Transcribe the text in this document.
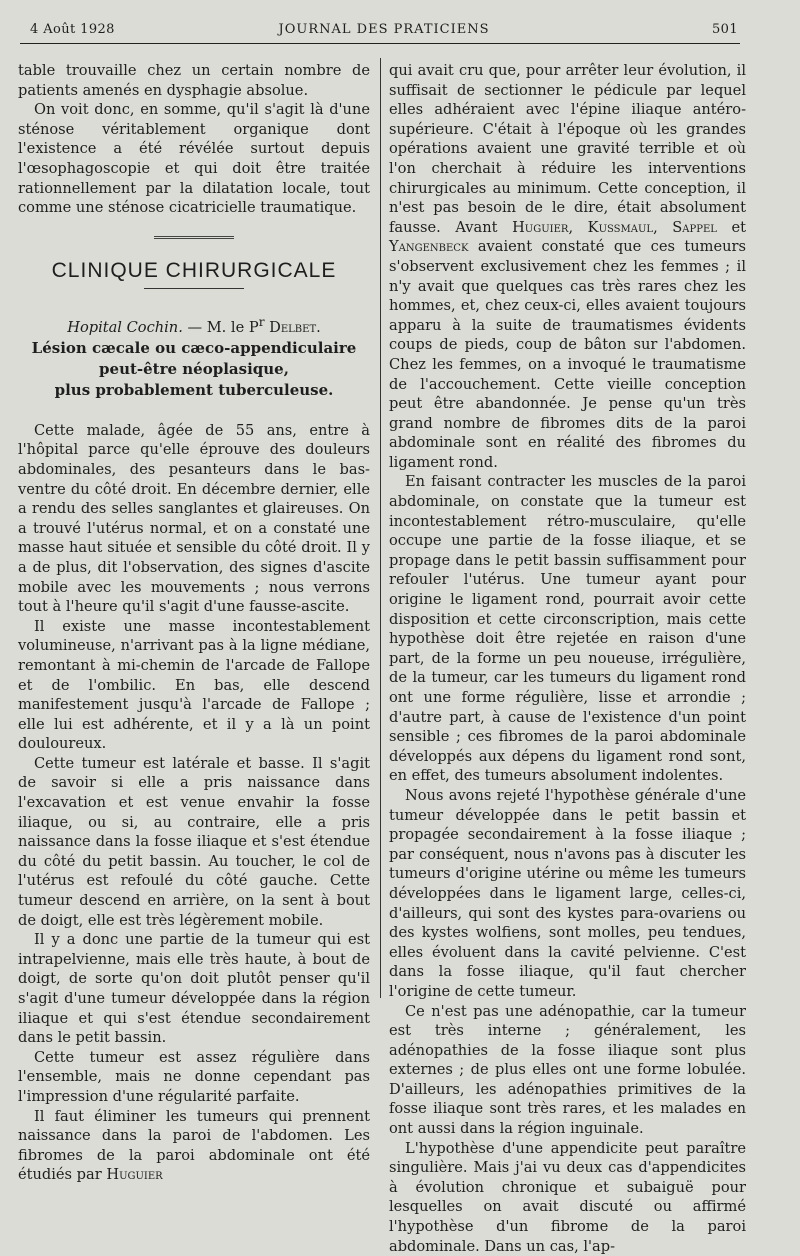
4 Août 1928	JOURNAL DES PRATICIENS	501

table trouvaille chez un certain nombre de patients amenés en dysphagie absolue.

On voit donc, en somme, qu'il s'agit là d'une sténose véritablement organique dont l'existence a été révélée surtout depuis l'œsophagoscopie et qui doit être traitée rationnellement par la dilatation locale, tout comme une sténose cicatricielle traumatique.

CLINIQUE CHIRURGICALE

Hopital Cochin. — M. le $P^r$ Delbet.

Lésion cæcale ou cæco-appendiculaire
peut-être néoplasique,
plus probablement tuberculeuse.

Cette malade, âgée de 55 ans, entre à l'hôpital parce qu'elle éprouve des douleurs abdominales, des pesanteurs dans le bas-ventre du côté droit. En décembre dernier, elle a rendu des selles sanglantes et glaireuses. On a trouvé l'utérus normal, et on a constaté une masse haut située et sensible du côté droit. Il y a de plus, dit l'observation, des signes d'ascite mobile avec les mouvements ; nous verrons tout à l'heure qu'il s'agit d'une fausse-ascite.

Il existe une masse incontestablement volumineuse, n'arrivant pas à la ligne médiane, remontant à mi-chemin de l'arcade de Fallope et de l'ombilic. En bas, elle descend manifestement jusqu'à l'arcade de Fallope ; elle lui est adhérente, et il y a là un point douloureux.

Cette tumeur est latérale et basse. Il s'agit de savoir si elle a pris naissance dans l'excavation et est venue envahir la fosse iliaque, ou si, au contraire, elle a pris naissance dans la fosse iliaque et s'est étendue du côté du petit bassin. Au toucher, le col de l'utérus est refoulé du côté gauche. Cette tumeur descend en arrière, on la sent à bout de doigt, elle est très légèrement mobile.

Il y a donc une partie de la tumeur qui est intrapelvienne, mais elle très haute, à bout de doigt, de sorte qu'on doit plutôt penser qu'il s'agit d'une tumeur développée dans la région iliaque et qui s'est étendue secondairement dans le petit bassin.

Cette tumeur est assez régulière dans l'ensemble, mais ne donne cependant pas l'impression d'une régularité parfaite.

Il faut éliminer les tumeurs qui prennent naissance dans la paroi de l'abdomen. Les fibromes de la paroi abdominale ont été étudiés par Huguier

qui avait cru que, pour arrêter leur évolution, il suffisait de sectionner le pédicule par lequel elles adhéraient avec l'épine iliaque antéro-supérieure. C'était à l'époque où les grandes opérations avaient une gravité terrible et où l'on cherchait à réduire les interventions chirurgicales au minimum. Cette conception, il n'est pas besoin de le dire, était absolument fausse. Avant Huguier, Kussmaul, Sappel et Yangenbeck avaient constaté que ces tumeurs s'observent exclusivement chez les femmes ; il n'y avait que quelques cas très rares chez les hommes, et, chez ceux-ci, elles avaient toujours apparu à la suite de traumatismes évidents coups de pieds, coup de bâton sur l'abdomen. Chez les femmes, on a invoqué le traumatisme de l'accouchement. Cette vieille conception peut être abandonnée. Je pense qu'un très grand nombre de fibromes dits de la paroi abdominale sont en réalité des fibromes du ligament rond.

En faisant contracter les muscles de la paroi abdominale, on constate que la tumeur est incontestablement rétro-musculaire, qu'elle occupe une partie de la fosse iliaque, et se propage dans le petit bassin suffisamment pour refouler l'utérus. Une tumeur ayant pour origine le ligament rond, pourrait avoir cette disposition et cette circonscription, mais cette hypothèse doit être rejetée en raison d'une part, de la forme un peu noueuse, irrégulière, de la tumeur, car les tumeurs du ligament rond ont une forme régulière, lisse et arrondie ; d'autre part, à cause de l'existence d'un point sensible ; ces fibromes de la paroi abdominale développés aux dépens du ligament rond sont, en effet, des tumeurs absolument indolentes.

Nous avons rejeté l'hypothèse générale d'une tumeur développée dans le petit bassin et propagée secondairement à la fosse iliaque ; par conséquent, nous n'avons pas à discuter les tumeurs d'origine utérine ou même les tumeurs développées dans le ligament large, celles-ci, d'ailleurs, qui sont des kystes para-ovariens ou des kystes wolfiens, sont molles, peu tendues, elles évoluent dans la cavité pelvienne. C'est dans la fosse iliaque, qu'il faut chercher l'origine de cette tumeur.

Ce n'est pas une adénopathie, car la tumeur est très interne ; généralement, les adénopathies de la fosse iliaque sont plus externes ; de plus elles ont une forme lobulée. D'ailleurs, les adénopathies primitives de la fosse iliaque sont très rares, et les malades en ont aussi dans la région inguinale.

L'hypothèse d'une appendicite peut paraître singulière. Mais j'ai vu deux cas d'appendicites à évolution chronique et subaiguë pour lesquelles on avait discuté ou affirmé l'hypothèse d'un fibrome de la paroi abdominale. Dans un cas, l'ap-
